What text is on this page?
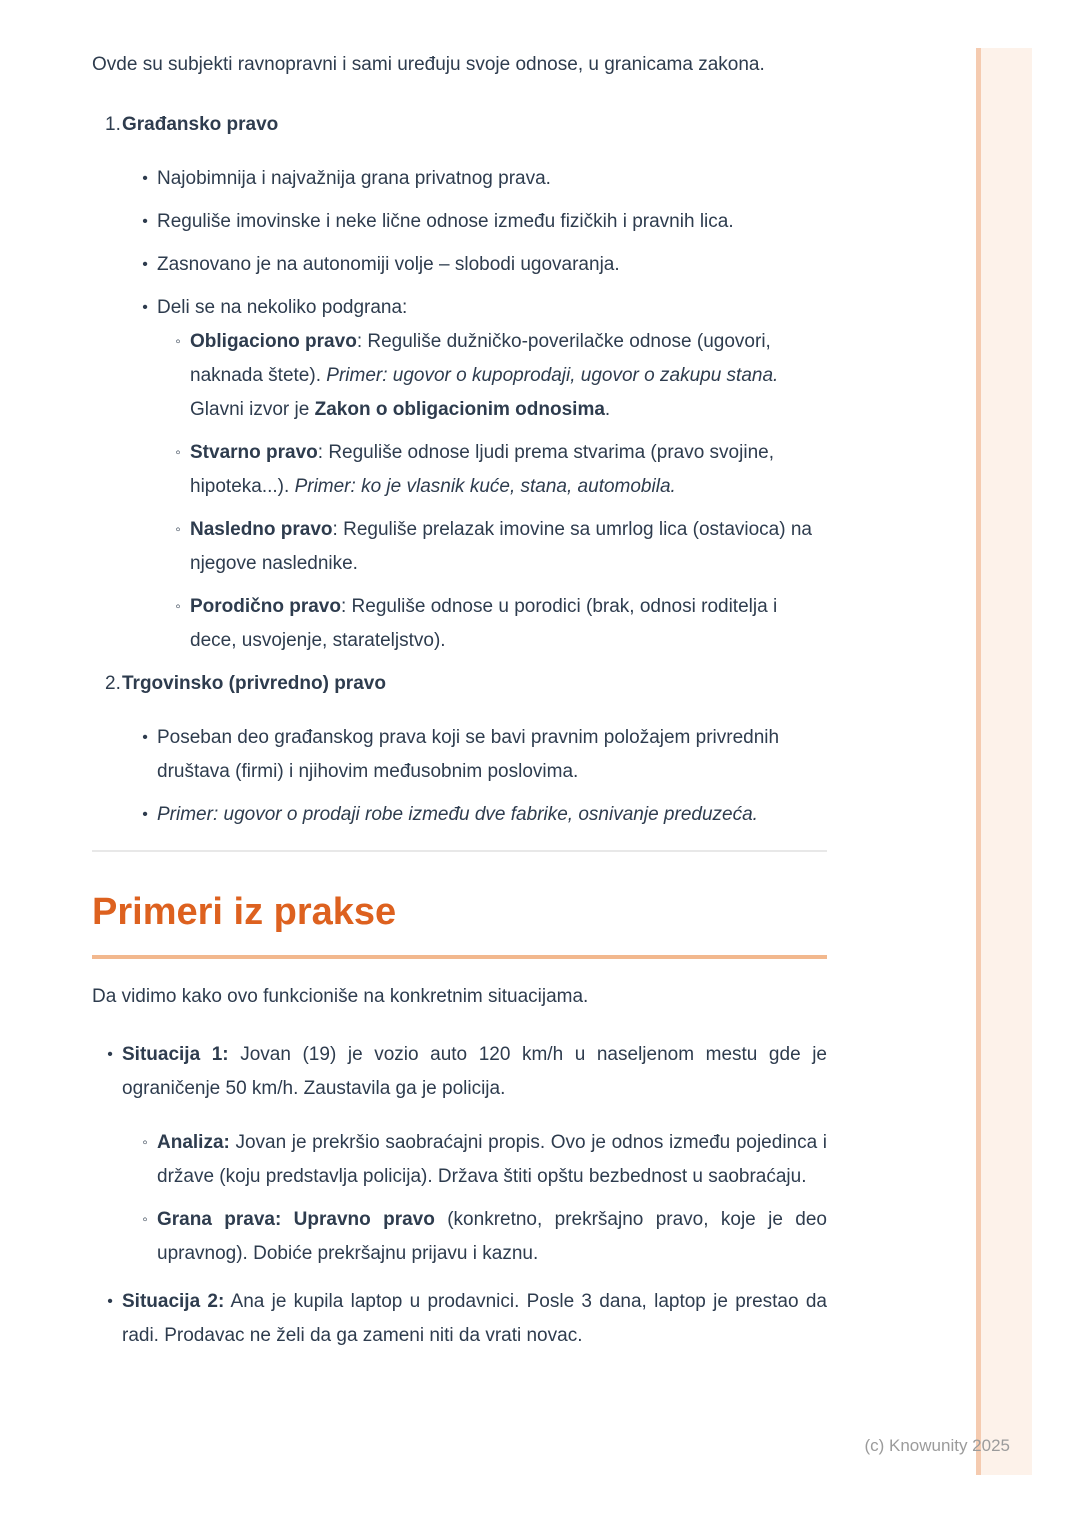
Ovde su subjekti ravnopravni i sami uređuju svoje odnose, u granicama zakona.

1. Građansko pravo
• Najobimnija i najvažnija grana privatnog prava.
• Reguliše imovinske i neke lične odnose između fizičkih i pravnih lica.
• Zasnovano je na autonomiji volje – slobodi ugovaranja.
• Deli se na nekoliko podgrana:
◦ Obligaciono pravo: Reguliše dužničko-poverilačke odnose (ugovori, naknada štete). Primer: ugovor o kupoprodaji, ugovor o zakupu stana. Glavni izvor je Zakon o obligacionim odnosima.
◦ Stvarno pravo: Reguliše odnose ljudi prema stvarima (pravo svojine, hipoteka...). Primer: ko je vlasnik kuće, stana, automobila.
◦ Nasledno pravo: Reguliše prelazak imovine sa umrlog lica (ostavioca) na njegove naslednike.
◦ Porodično pravo: Reguliše odnose u porodici (brak, odnosi roditelja i dece, usvojenje, starateljstvo).
2. Trgovinsko (privredno) pravo
• Poseban deo građanskog prava koji se bavi pravnim položajem privrednih društava (firmi) i njihovim međusobnim poslovima.
• Primer: ugovor o prodaji robe između dve fabrike, osnivanje preduzeća.
Primeri iz prakse

Da vidimo kako ovo funkcioniše na konkretnim situacijama.

• Situacija 1: Jovan (19) je vozio auto 120 km/h u naseljenom mestu gde je ograničenje 50 km/h. Zaustavila ga je policija.
◦ Analiza: Jovan je prekršio saobraćajni propis. Ovo je odnos između pojedinca i države (koju predstavlja policija). Država štiti opštu bezbednost u saobraćaju.
◦ Grana prava: Upravno pravo (konkretno, prekršajno pravo, koje je deo upravnog). Dobiće prekršajnu prijavu i kaznu.
• Situacija 2: Ana je kupila laptop u prodavnici. Posle 3 dana, laptop je prestao da radi. Prodavac ne želi da ga zameni niti da vrati novac.
(c) Knowunity 2025
